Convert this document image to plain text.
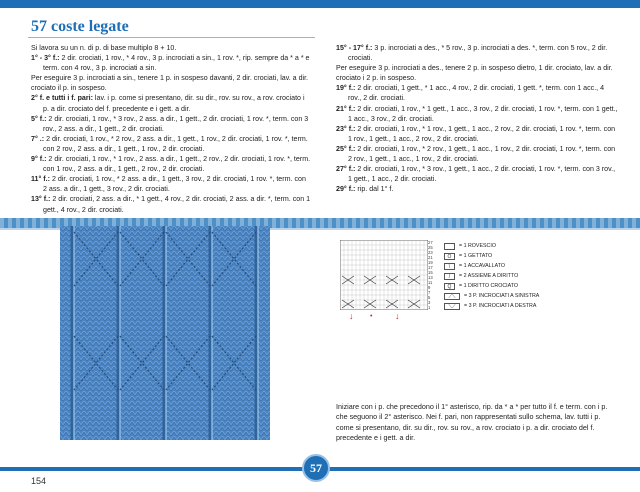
57 coste legate

Si lavora su un n. di p. di base multiplo 8 + 10.

1° - 3° f.: 2 dir. crociati, 1 rov., * 4 rov., 3 p. incrociati a sin., 1 rov. *, rip. sempre da * a * e term. con 4 rov., 3 p. incrociati a sin.

Per eseguire 3 p. incrociati a sin., tenere 1 p. in sospeso davanti, 2 dir. crociati, lav. a dir. crociato il p. in sospeso.

2° f. e tutti i f. pari: lav. i p. come si presentano, dir. su dir., rov. su rov., a rov. crociato i p. a dir. crociato del f. precedente e i gett. a dir.

5° f.: 2 dir. crociati, 1 rov., * 3 rov., 2 ass. a dir., 1 gett., 2 dir. crociati, 1 rov. *, term. con 3 rov., 2 ass. a dir., 1 gett., 2 dir. crociati.

7° .: 2 dir. crociati, 1 rov., * 2 rov., 2 ass. a dir., 1 gett., 1 rov., 2 dir. crociati, 1 rov. *, term. con 2 rov., 2 ass. a dir., 1 gett., 1 rov., 2 dir. crociati.

9° f.: 2 dir. crociati, 1 rov., * 1 rov., 2 ass. a dir., 1 gett., 2 rov., 2 dir. crociati, 1 rov. *, term. con 1 rov., 2 ass. a dir., 1 gett., 2 rov., 2 dir. crociati.

11° f.: 2 dir. crociati, 1 rov., * 2 ass. a dir., 1 gett., 3 rov., 2 dir. crociati, 1 rov. *, term. con 2 ass. a dir., 1 gett., 3 rov., 2 dir. crociati.

13° f.: 2 dir. crociati, 2 ass. a dir., * 1 gett., 4 rov., 2 dir. crociati, 2 ass. a dir. *, term. con 1 gett., 4 rov., 2 dir. crociati.

15° - 17° f.: 3 p. incrociati a des., * 5 rov., 3 p. incrociati a des. *, term. con 5 rov., 2 dir. crociati.

Per eseguire 3 p. incrociati a des., tenere 2 p. in sospeso dietro, 1 dir. crociato, lav. a dir. crociato i 2 p. in sospeso.

19° f.: 2 dir. crociati, 1 gett., * 1 acc., 4 rov., 2 dir. crociati, 1 gett. *, term. con 1 acc., 4 rov., 2 dir. crociati.

21° f.: 2 dir. crociati, 1 rov., * 1 gett., 1 acc., 3 rov., 2 dir. crociati, 1 rov. *, term. con 1 gett., 1 acc., 3 rov., 2 dir. crociati.

23° f.: 2 dir. crociati, 1 rov., * 1 rov., 1 gett., 1 acc., 2 rov., 2 dir. crociati, 1 rov. *, term. con 1 rov., 1 gett., 1 acc., 2 rov., 2 dir. crociati.

25° f.: 2 dir. crociati, 1 rov., * 2 rov., 1 gett., 1 acc., 1 rov., 2 dir. crociati, 1 rov. *, term. con 2 rov., 1 gett., 1 acc., 1 rov., 2 dir. crociati.

27° f.: 2 dir. crociati, 1 rov., * 3 rov., 1 gett., 1 acc., 2 dir. crociati, 1 rov. *, term. con 3 rov., 1 gett., 1 acc., 2 dir. crociati.

29° f.: rip. dal 1° f.

27
25
23
21
19
17
15
13
11
9
7
5
3
1
↓	↓
•
= 1 ROVESCIO
O	= 1 GETTATO
\	= 1 ACCAVALLATO
/	= 2 ASSIEME A DIRITTO
Q	= 1 DIRITTO CROCIATO
⟋⟍	= 3 P. INCROCIATI A SINISTRA
⟍⟋	= 3 P. INCROCIATI A DESTRA
Iniziare con i p. che precedono il 1° asterisco, rip. da * a * per tutto il f. e term. con i p. che seguono il 2° asterisco. Nei f. pari, non rappresentati sullo schema, lav. tutti i p. come si presentano, dir. su dir., rov. su rov., a rov. crociato i p. a dir. crociato del f. precedente e i gett. a dir.
57
154
